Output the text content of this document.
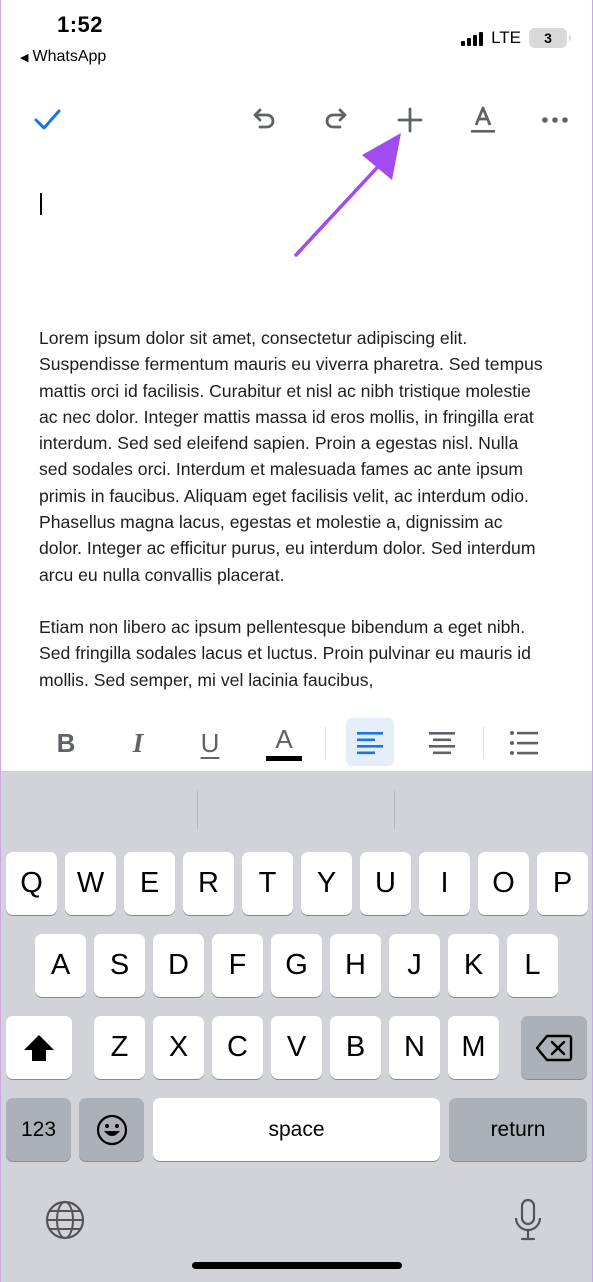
1:52
◀ WhatsApp
LTE 3

Lorem ipsum dolor sit amet, consectetur adipiscing elit. Suspendisse fermentum mauris eu viverra pharetra. Sed tempus mattis orci id facilisis. Curabitur et nisl ac nibh tristique molestie ac nec dolor. Integer mattis massa id eros mollis, in fringilla erat interdum. Sed sed eleifend sapien. Proin a egestas nisl. Nulla sed sodales orci. Interdum et malesuada fames ac ante ipsum primis in faucibus. Aliquam eget facilisis velit, ac interdum odio. Phasellus magna lacus, egestas et molestie a, dignissim ac dolor. Integer ac efficitur purus, eu interdum dolor. Sed interdum arcu eu nulla convallis placerat.

Etiam non libero ac ipsum pellentesque bibendum a eget nibh. Sed fringilla sodales lacus et luctus. Proin pulvinar eu mauris id mollis. Sed semper, mi vel lacinia faucibus,

B	I	U	A
Q	W	E	R	T	Y	U	I	O	P
A	S	D	F	G	H	J	K	L
Z	X	C	V	B	N	M
123	space	return
